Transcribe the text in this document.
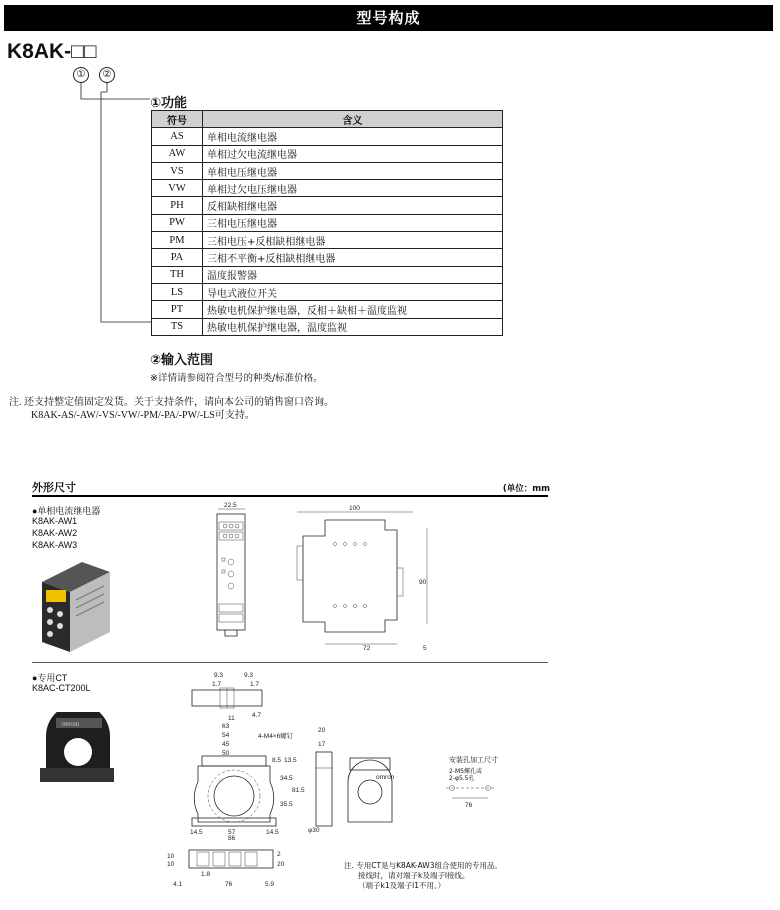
型号构成
K8AK-□□
①	②
①功能
符号	含义
AS	单相电流继电器
AW	单相过欠电流继电器
VS	单相电压继电器
VW	单相过欠电压继电器
PH	反相缺相继电器
PW	三相电压继电器
PM	三相电压+反相缺相继电器
PA	三相不平衡+反相缺相继电器
TH	温度报警器
LS	导电式液位开关
PT	热敏电机保护继电器，反相＋缺相＋温度监视
TS	热敏电机保护继电器，温度监视
②输入范围
※详情请参阅符合型号的种类/标准价格。
注. 还支持整定值固定发货。关于支持条件，请向本公司的销售窗口咨询。
K8AK-AS/-AW/-VS/-VW/-PM/-PA/-PW/-LS可支持。
外形尺寸	(单位：mm
●单相电流继电器
K8AK-AW1
K8AK-AW2
K8AK-AW3
22.5	100
90
72	5
●专用CT
K8AC-CT200L
omron
9.3	9.3
1.7	1.7
11	4.7
63
54
45
50
4-M4×6螺钉
8.5 13.5
34.5
81.5
35.5
57
14.5
86
14.5
20
17
φ30
omron
安装孔加工尺寸
2-M5螺孔或
2-φ5.5孔
76
10
10
1.8
2
20
4.1	76	5.9
注. 专用CT是与K8AK-AW3组合使用的专用品。
接线时，请对端子k及端子l接线。
（端子k1及端子l1不用。）
